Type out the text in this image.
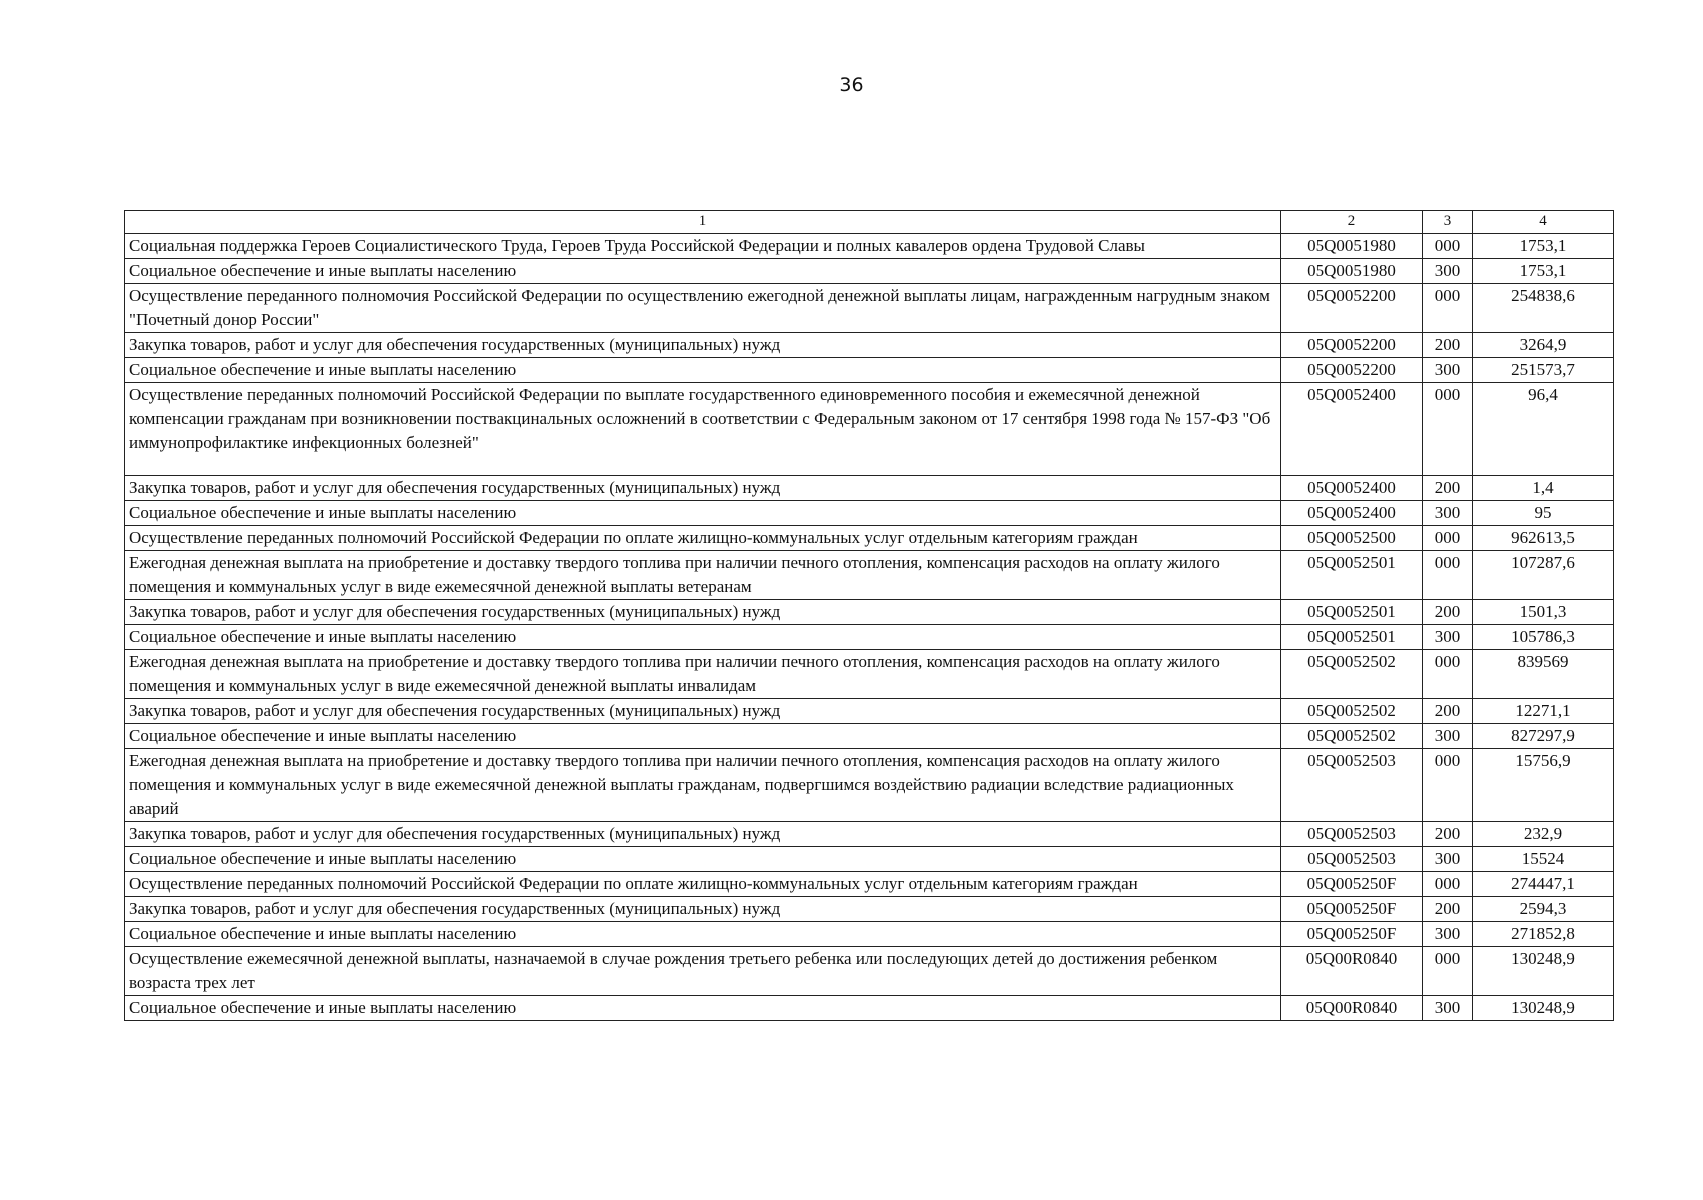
36
1	2	3	4
Социальная поддержка Героев Социалистического Труда, Героев Труда Российской Федерации и полных кавалеров ордена Трудовой Славы	05Q0051980	000	1753,1
Социальное обеспечение и иные выплаты населению	05Q0051980	300	1753,1
Осуществление переданного полномочия Российской Федерации по осуществлению ежегодной денежной выплаты лицам, награжденным нагрудным знаком "Почетный донор России"	05Q0052200	000	254838,6
Закупка товаров, работ и услуг для обеспечения государственных (муниципальных) нужд	05Q0052200	200	3264,9
Социальное обеспечение и иные выплаты населению	05Q0052200	300	251573,7
Осуществление переданных полномочий Российской Федерации по выплате государственного единовременного пособия и ежемесячной денежной компенсации гражданам при возникновении поствакцинальных осложнений в соответствии с Федеральным законом от 17 сентября 1998 года № 157-ФЗ "Об иммунопрофилактике инфекционных болезней"	05Q0052400	000	96,4
Закупка товаров, работ и услуг для обеспечения государственных (муниципальных) нужд	05Q0052400	200	1,4
Социальное обеспечение и иные выплаты населению	05Q0052400	300	95
Осуществление переданных полномочий Российской Федерации по оплате жилищно-коммунальных услуг отдельным категориям граждан	05Q0052500	000	962613,5
Ежегодная денежная выплата на приобретение и доставку твердого топлива при наличии печного отопления, компенсация расходов на оплату жилого помещения и коммунальных услуг в виде ежемесячной денежной выплаты ветеранам	05Q0052501	000	107287,6
Закупка товаров, работ и услуг для обеспечения государственных (муниципальных) нужд	05Q0052501	200	1501,3
Социальное обеспечение и иные выплаты населению	05Q0052501	300	105786,3
Ежегодная денежная выплата на приобретение и доставку твердого топлива при наличии печного отопления, компенсация расходов на оплату жилого помещения и коммунальных услуг в виде ежемесячной денежной выплаты инвалидам	05Q0052502	000	839569
Закупка товаров, работ и услуг для обеспечения государственных (муниципальных) нужд	05Q0052502	200	12271,1
Социальное обеспечение и иные выплаты населению	05Q0052502	300	827297,9
Ежегодная денежная выплата на приобретение и доставку твердого топлива при наличии печного отопления, компенсация расходов на оплату жилого помещения и коммунальных услуг в виде ежемесячной денежной выплаты гражданам, подвергшимся воздействию радиации вследствие радиационных аварий	05Q0052503	000	15756,9
Закупка товаров, работ и услуг для обеспечения государственных (муниципальных) нужд	05Q0052503	200	232,9
Социальное обеспечение и иные выплаты населению	05Q0052503	300	15524
Осуществление переданных полномочий Российской Федерации по оплате жилищно-коммунальных услуг отдельным категориям граждан	05Q005250F	000	274447,1
Закупка товаров, работ и услуг для обеспечения государственных (муниципальных) нужд	05Q005250F	200	2594,3
Социальное обеспечение и иные выплаты населению	05Q005250F	300	271852,8
Осуществление ежемесячной денежной выплаты, назначаемой в случае рождения третьего ребенка или последующих детей до достижения ребенком возраста трех лет	05Q00R0840	000	130248,9
Социальное обеспечение и иные выплаты населению	05Q00R0840	300	130248,9
